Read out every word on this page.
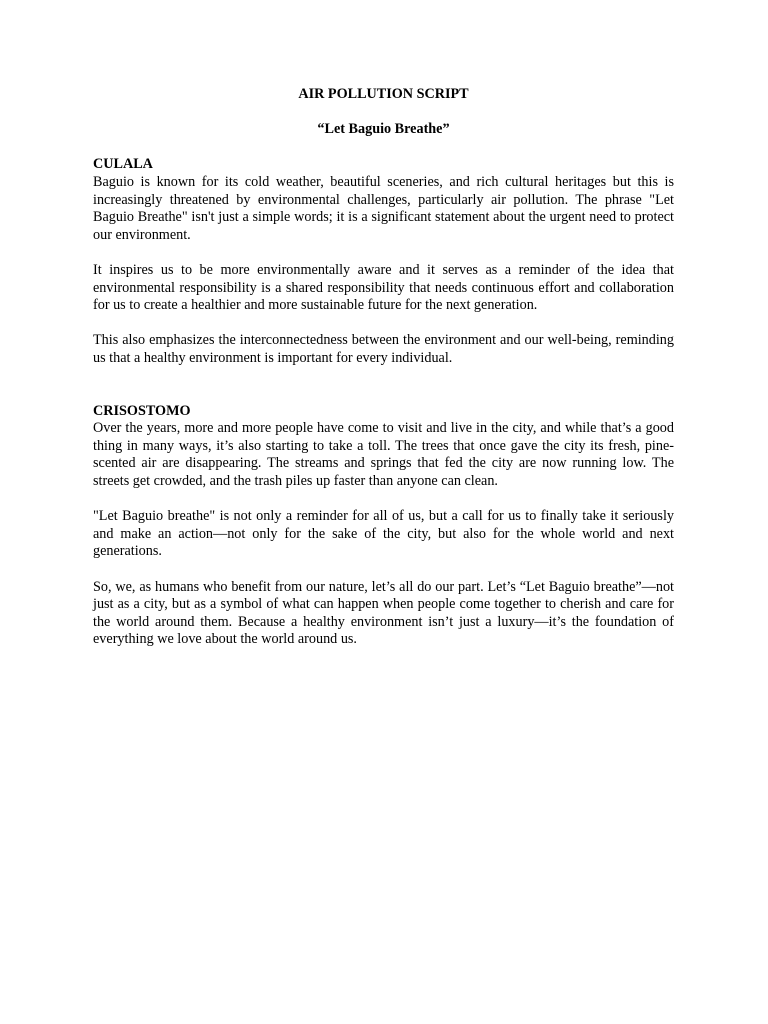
AIR POLLUTION SCRIPT

“Let Baguio Breathe”

CULALA

Baguio is known for its cold weather, beautiful sceneries, and rich cultural heritages but this is increasingly threatened by environmental challenges, particularly air pollution. The phrase "Let Baguio Breathe" isn't just a simple words; it is a significant statement about the urgent need to protect our environment.

It inspires us to be more environmentally aware and it serves as a reminder of the idea that environmental responsibility is a shared responsibility that needs continuous effort and collaboration for us to create a healthier and more sustainable future for the next generation.

This also emphasizes the interconnectedness between the environment and our well-being, reminding us that a healthy environment is important for every individual.

CRISOSTOMO

Over the years, more and more people have come to visit and live in the city, and while that’s a good thing in many ways, it’s also starting to take a toll. The trees that once gave the city its fresh, pine-scented air are disappearing. The streams and springs that fed the city are now running low. The streets get crowded, and the trash piles up faster than anyone can clean.

"Let Baguio breathe" is not only a reminder for all of us, but a call for us to finally take it seriously and make an action—not only for the sake of the city, but also for the whole world and next generations.

So, we, as humans who benefit from our nature, let’s all do our part. Let’s “Let Baguio breathe”—not just as a city, but as a symbol of what can happen when people come together to cherish and care for the world around them. Because a healthy environment isn’t just a luxury—it’s the foundation of everything we love about the world around us.
